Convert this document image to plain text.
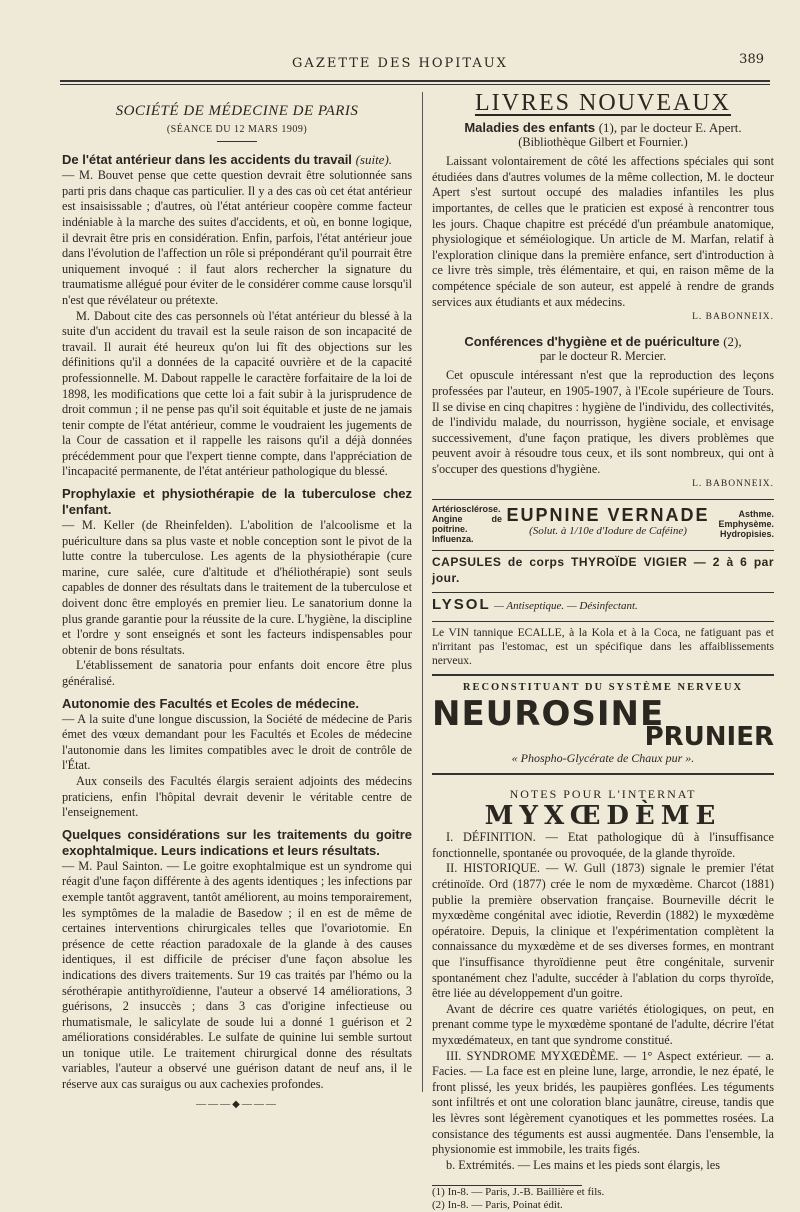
GAZETTE DES HOPITAUX	389
SOCIÉTÉ DE MÉDECINE DE PARIS
(SÉANCE DU 12 MARS 1909)
De l'état antérieur dans les accidents du travail (suite).

— M. Bouvet pense que cette question devrait être solutionnée sans parti pris dans chaque cas particulier. Il y a des cas où cet état antérieur est insaisissable ; d'autres, où l'état antérieur coopère comme facteur indéniable à la marche des suites d'accidents, et où, en bonne logique, il devrait être pris en considération. Enfin, parfois, l'état antérieur joue dans l'évolution de l'affection un rôle si prépondérant qu'il pourrait être uniquement invoqué : il faut alors rechercher la signature du traumatisme allégué pour éviter de le considérer comme cause lorsqu'il n'est que révélateur ou prétexte.

M. Dabout cite des cas personnels où l'état antérieur du blessé à la suite d'un accident du travail est la seule raison de son incapacité de travail. Il aurait été heureux qu'on lui fît des objections sur les définitions qu'il a données de la capacité ouvrière et de la capacité professionnelle. M. Dabout rappelle le caractère forfaitaire de la loi de 1898, les modifications que cette loi a fait subir à la jurisprudence de droit commun ; il ne pense pas qu'il soit équitable et juste de ne jamais tenir compte de l'état antérieur, comme le voudraient les jugements de la Cour de cassation et il rappelle les raisons qu'il a déjà données précédemment pour que l'expert tienne compte, dans l'appréciation de l'incapacité permanente, de l'état antérieur pathologique du blessé.

Prophylaxie et physiothérapie de la tuberculose chez l'enfant.

— M. Keller (de Rheinfelden). L'abolition de l'alcoolisme et la puériculture dans sa plus vaste et noble conception sont le pivot de la lutte contre la tuberculose. Les agents de la physiothérapie (cure marine, cure salée, cure d'altitude et d'héliothérapie) sont seuls capables de donner des résultats dans le traitement de la tuberculose et doivent donc être employés en premier lieu. Le sanatorium donne la plus grande garantie pour la réussite de la cure. L'hygiène, la discipline et l'ordre y sont enseignés et sont les facteurs indispensables pour obtenir de bons résultats.

L'établissement de sanatoria pour enfants doit encore être plus généralisé.

Autonomie des Facultés et Ecoles de médecine.

— A la suite d'une longue discussion, la Société de médecine de Paris émet des vœux demandant pour les Facultés et Ecoles de médecine l'autonomie dans les limites compatibles avec le droit de contrôle de l'État.

Aux conseils des Facultés élargis seraient adjoints des médecins praticiens, enfin l'hôpital devrait devenir le véritable centre de l'enseignement.

Quelques considérations sur les traitements du goitre exophtalmique. Leurs indications et leurs résultats.

— M. Paul Sainton. — Le goitre exophtalmique est un syndrome qui réagit d'une façon différente à des agents identiques ; les infections par exemple tantôt aggravent, tantôt améliorent, au moins temporairement, les symptômes de la maladie de Basedow ; il en est de même de certaines interventions chirurgicales telles que l'ovariotomie. En présence de cette réaction paradoxale de la glande à des causes identiques, il est difficile de préciser d'une façon absolue les indications des divers traitements. Sur 19 cas traités par l'hémo ou la sérothérapie antithyroïdienne, l'auteur a observé 14 améliorations, 3 guérisons, 2 insuccès ; dans 3 cas d'origine infectieuse ou rhumatismale, le salicylate de soude lui a donné 1 guérison et 2 améliorations considérables. Le sulfate de quinine lui semble surtout un tonique utile. Le traitement chirurgical donne des résultats variables, l'auteur a observé une guérison datant de neuf ans, il le réserve aux cas suraigus ou aux cachexies profondes.

———◆———
LIVRES NOUVEAUX
Maladies des enfants (1), par le docteur E. Apert.
(Bibliothèque Gilbert et Fournier.)

Laissant volontairement de côté les affections spéciales qui sont étudiées dans d'autres volumes de la même collection, M. le docteur Apert s'est surtout occupé des maladies infantiles les plus importantes, de celles que le praticien est exposé à rencontrer tous les jours. Chaque chapitre est précédé d'un préambule anatomique, physiologique et séméiologique. Un article de M. Marfan, relatif à l'exploration clinique dans la première enfance, sert d'introduction à ce livre très simple, très élémentaire, et qui, en raison même de la compétence spéciale de son auteur, est appelé à rendre de grands services aux étudiants et aux médecins.

L. BABONNEIX.
Conférences d'hygiène et de puériculture (2),
par le docteur R. Mercier.

Cet opuscule intéressant n'est que la reproduction des leçons professées par l'auteur, en 1905-1907, à l'Ecole supérieure de Tours. Il se divise en cinq chapitres : hygiène de l'individu, des collectivités, de l'individu malade, du nourrisson, hygiène sociale, et envisage successivement, d'une façon pratique, les divers problèmes que peuvent avoir à résoudre tous ceux, et ils sont nombreux, qui ont à s'occuper des questions d'hygiène.

L. BABONNEIX.
Artériosclérose. Angine de poitrine. Influenza.
EUPNINE VERNADE
(Solut. à 1/10e d'Iodure de Caféine)
Asthme. Emphysème. Hydropisies.
CAPSULES de corps THYROÏDE VIGIER — 2 à 6 par jour.
LYSOL — Antiseptique. — Désinfectant.
Le VIN tannique ECALLE, à la Kola et à la Coca, ne fatiguant pas et n'irritant pas l'estomac, est un spécifique dans les affaiblissements nerveux.
RECONSTITUANT DU SYSTÈME NERVEUX
NEUROSINE
PRUNIER
« Phospho-Glycérate de Chaux pur ».
NOTES POUR L'INTERNAT
MYXŒDÈME

I. DÉFINITION. — Etat pathologique dû à l'insuffisance fonctionnelle, spontanée ou provoquée, de la glande thyroïde.

II. HISTORIQUE. — W. Gull (1873) signale le premier l'état crétinoïde. Ord (1877) crée le nom de myxœdème. Charcot (1881) publie la première observation française. Bourneville décrit le myxœdème congénital avec idiotie, Reverdin (1882) le myxœdème opératoire. Depuis, la clinique et l'expérimentation complètent la connaissance du myxœdème et de ses diverses formes, en montrant que l'insuffisance thyroïdienne peut être congénitale, survenir spontanément chez l'adulte, succéder à l'ablation du corps thyroïde, être liée au développement d'un goitre.

Avant de décrire ces quatre variétés étiologiques, on peut, en prenant comme type le myxœdème spontané de l'adulte, décrire l'état myxœdémateux, en tant que syndrome constitué.

III. SYNDROME MYXŒDÈME. — 1° Aspect extérieur. — a. Facies. — La face est en pleine lune, large, arrondie, le nez épaté, le front plissé, les yeux bridés, les paupières gonflées. Les téguments sont infiltrés et ont une coloration blanc jaunâtre, cireuse, tandis que les lèvres sont légèrement cyanotiques et les pommettes rosées. La consistance des téguments est aussi augmentée. Dans l'ensemble, la physionomie est immobile, les traits figés.

b. Extrémités. — Les mains et les pieds sont élargis, les

(1) In-8. — Paris, J.-B. Baillière et fils.
(2) In-8. — Paris, Poinat édit.
